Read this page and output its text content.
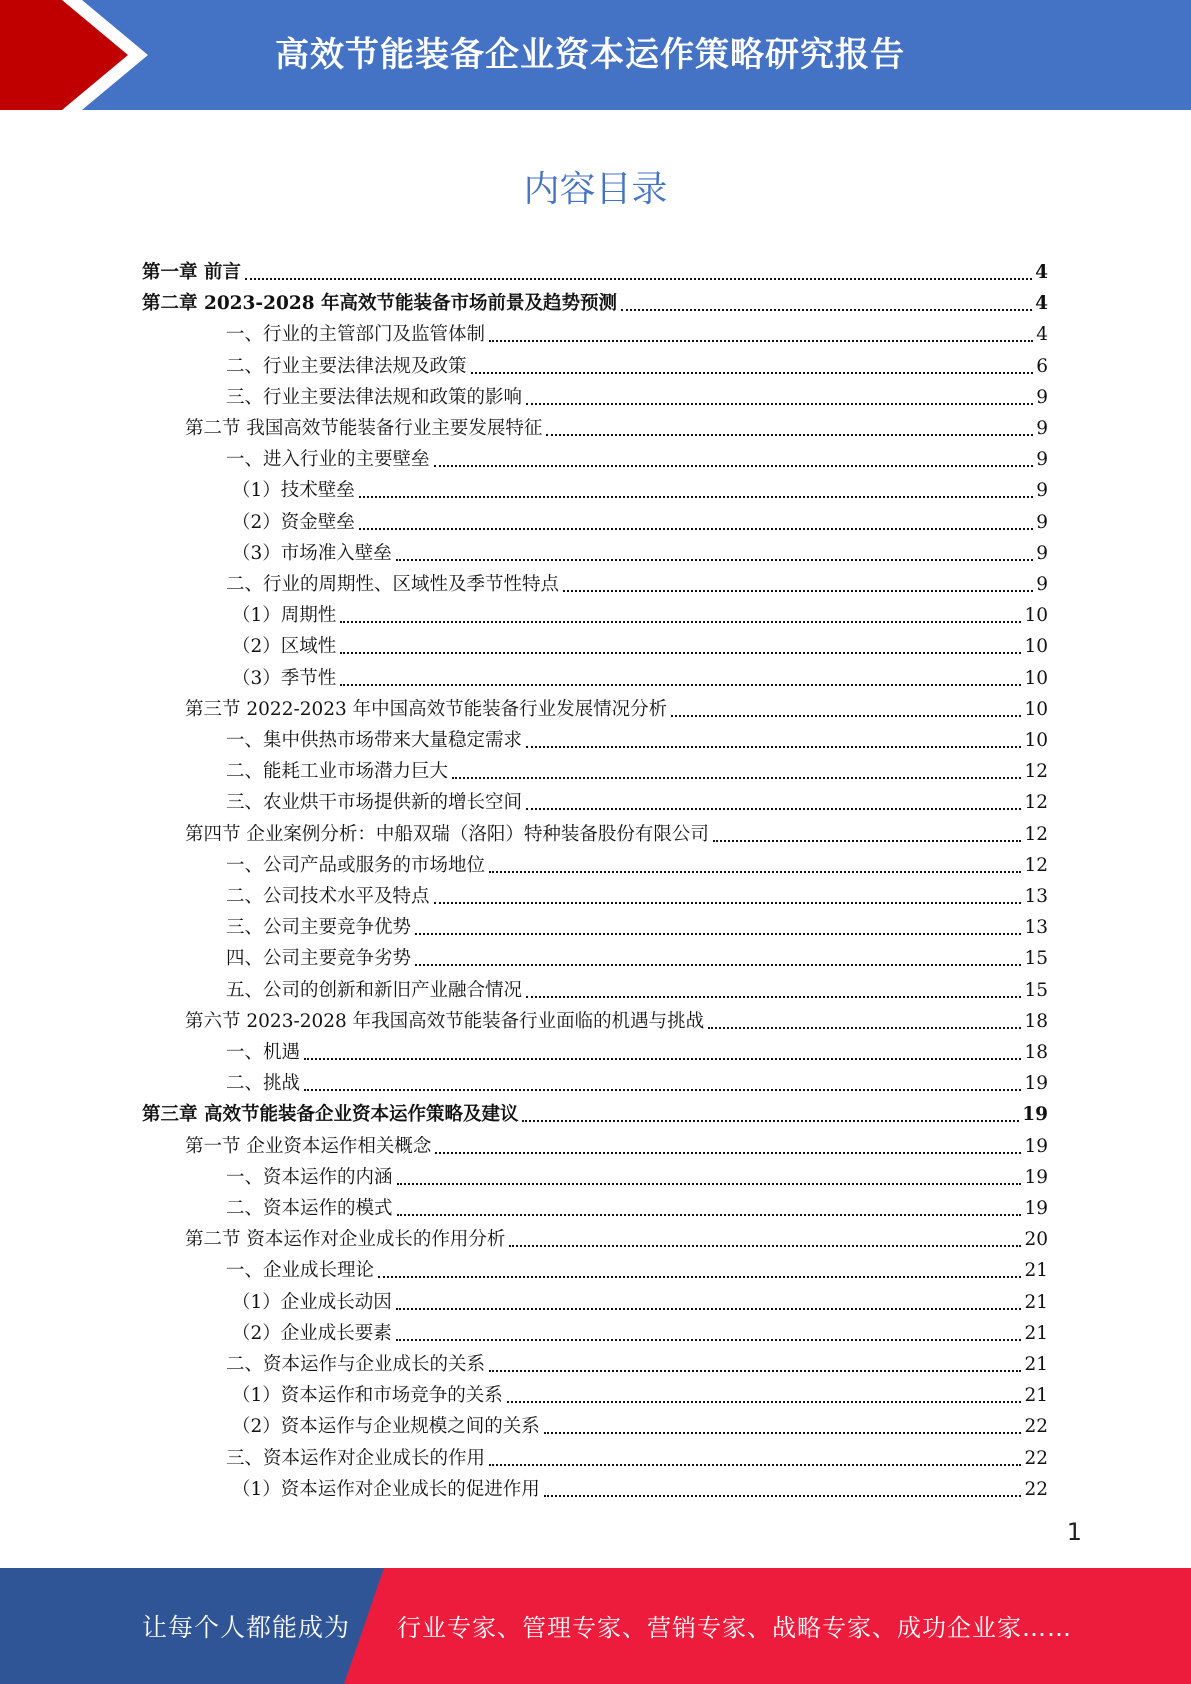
高效节能装备企业资本运作策略研究报告
内容目录
第一章 前言	4
第二章 2023-2028 年高效节能装备市场前景及趋势预测	4
一、行业的主管部门及监管体制	4
二、行业主要法律法规及政策	6
三、行业主要法律法规和政策的影响	9
第二节 我国高效节能装备行业主要发展特征	9
一、进入行业的主要壁垒	9
（1）技术壁垒	9
（2）资金壁垒	9
（3）市场准入壁垒	9
二、行业的周期性、区域性及季节性特点	9
（1）周期性	10
（2）区域性	10
（3）季节性	10
第三节 2022-2023 年中国高效节能装备行业发展情况分析	10
一、集中供热市场带来大量稳定需求	10
二、能耗工业市场潜力巨大	12
三、农业烘干市场提供新的增长空间	12
第四节 企业案例分析：中船双瑞（洛阳）特种装备股份有限公司	12
一、公司产品或服务的市场地位	12
二、公司技术水平及特点	13
三、公司主要竞争优势	13
四、公司主要竞争劣势	15
五、公司的创新和新旧产业融合情况	15
第六节 2023-2028 年我国高效节能装备行业面临的机遇与挑战	18
一、机遇	18
二、挑战	19
第三章 高效节能装备企业资本运作策略及建议	19
第一节 企业资本运作相关概念	19
一、资本运作的内涵	19
二、资本运作的模式	19
第二节 资本运作对企业成长的作用分析	20
一、企业成长理论	21
（1）企业成长动因	21
（2）企业成长要素	21
二、资本运作与企业成长的关系	21
（1）资本运作和市场竞争的关系	21
（2）资本运作与企业规模之间的关系	22
三、资本运作对企业成长的作用	22
（1）资本运作对企业成长的促进作用	22
1
让每个人都能成为 行业专家、管理专家、营销专家、战略专家、成功企业家……
